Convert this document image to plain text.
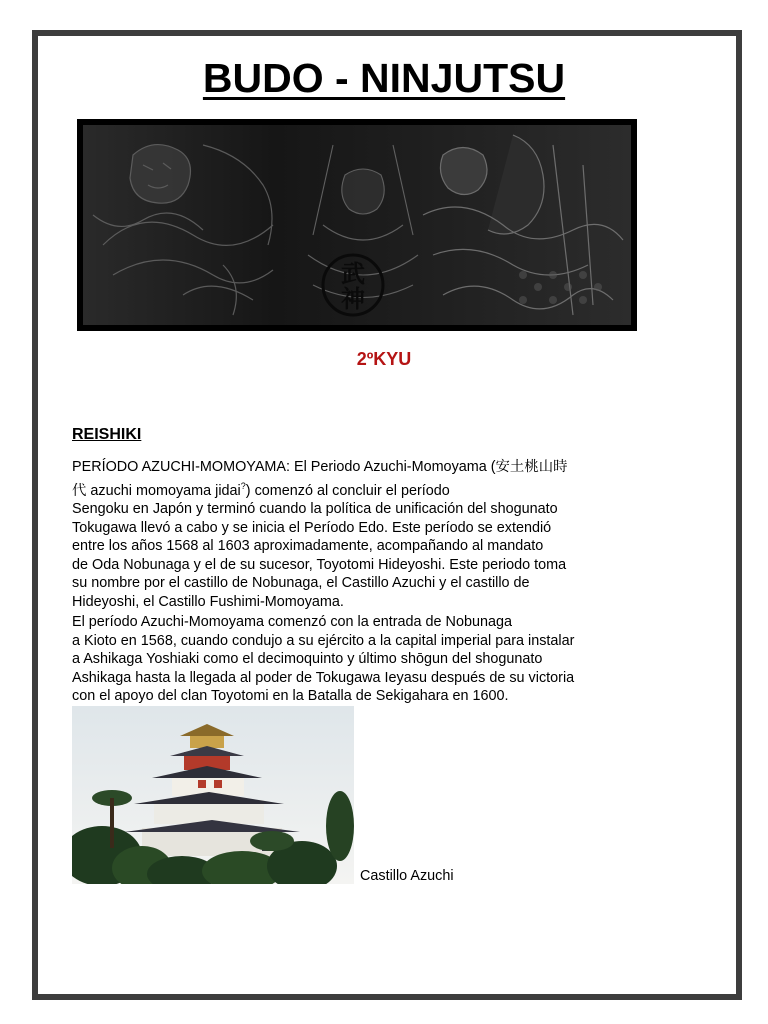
BUDO - NINJUTSU
武
神
2ºKYU
REISHIKI
PERÍODO AZUCHI-MOMOYAMA: El Periodo Azuchi-Momoyama (安土桃山時
代 azuchi momoyama jidai?) comenzó al concluir el período
Sengoku en Japón y terminó cuando la política de unificación del shogunato
Tokugawa llevó a cabo y se inicia el Período Edo. Este período se extendió
entre los años 1568 al 1603 aproximadamente, acompañando al mandato
de Oda Nobunaga y el de su sucesor, Toyotomi Hideyoshi. Este periodo toma
su nombre por el castillo de Nobunaga, el Castillo Azuchi y el castillo de
Hideyoshi, el Castillo Fushimi-Momoyama.
El período Azuchi-Momoyama comenzó con la entrada de Nobunaga
a Kioto en 1568, cuando condujo a su ejército a la capital imperial para instalar
a Ashikaga Yoshiaki como el decimoquinto y último shōgun del shogunato
Ashikaga hasta la llegada al poder de Tokugawa Ieyasu después de su victoria
con el apoyo del clan Toyotomi en la Batalla de Sekigahara en 1600.
Castillo Azuchi
